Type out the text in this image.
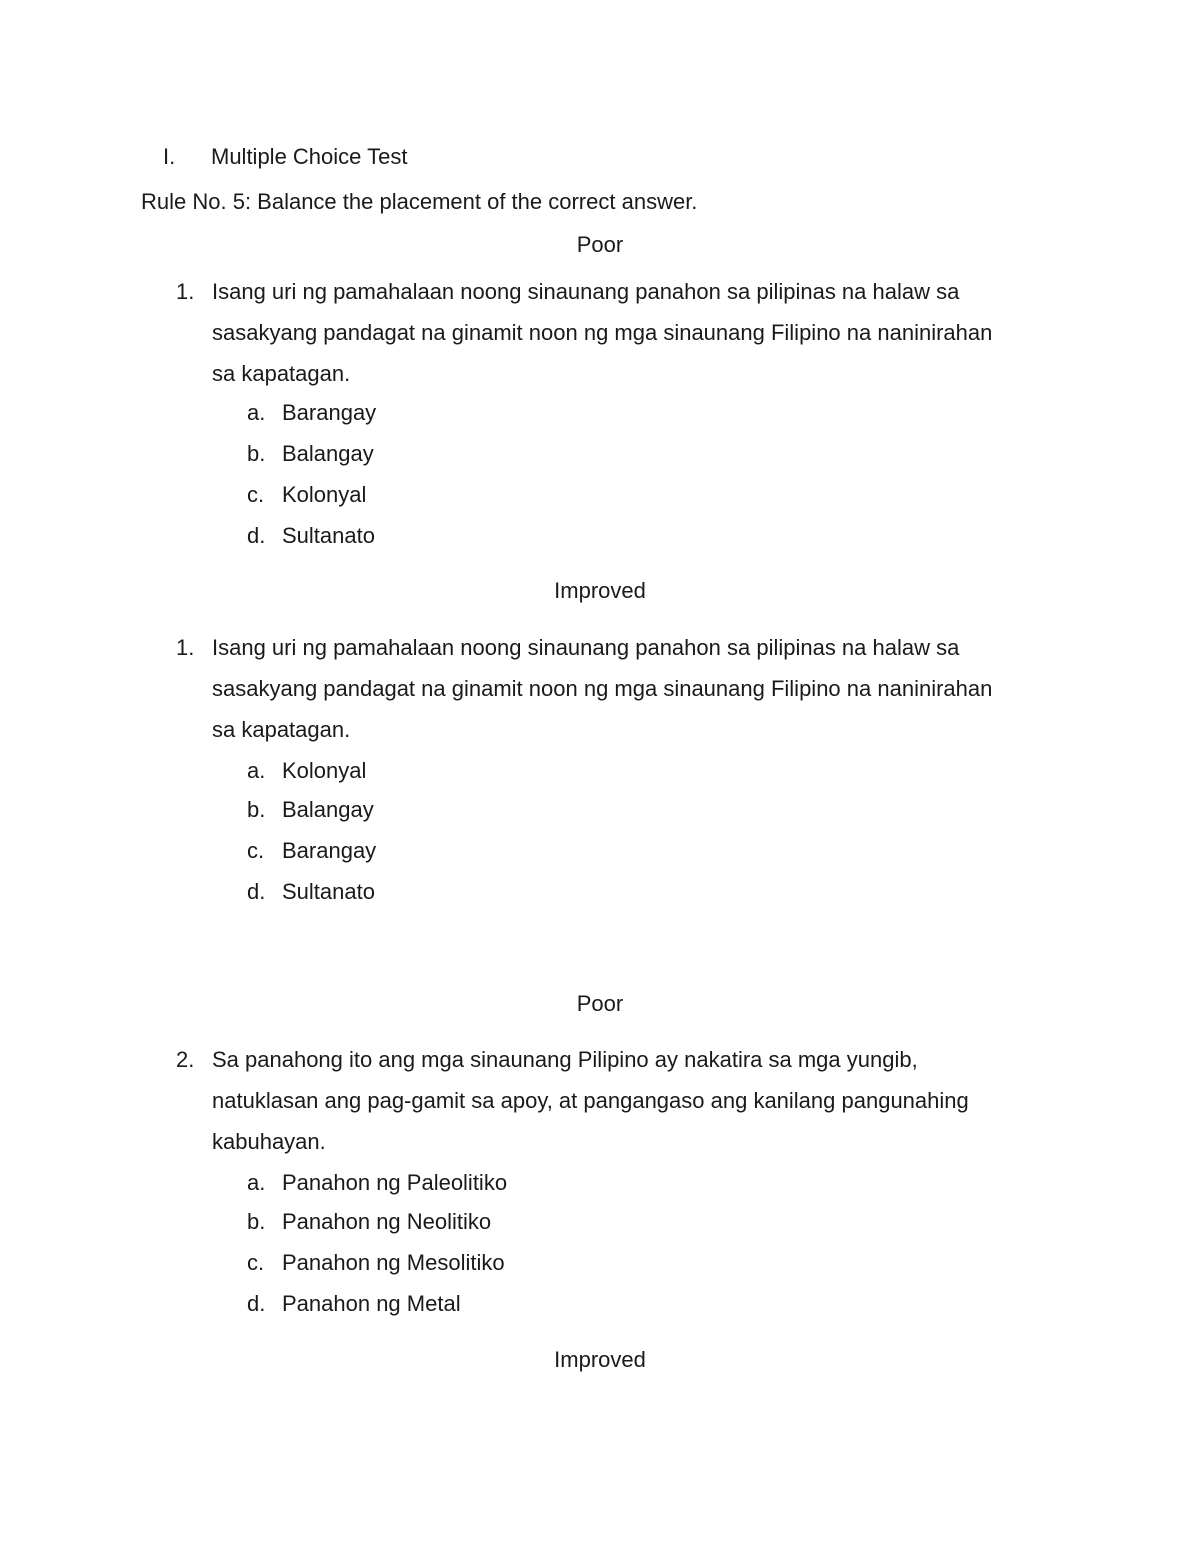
I. Multiple Choice Test
Rule No. 5: Balance the placement of the correct answer.
Poor
1. Isang uri ng pamahalaan noong sinaunang panahon sa pilipinas na halaw sa
sasakyang pandagat na ginamit noon ng mga sinaunang Filipino na naninirahan
sa kapatagan.
a. Barangay
b. Balangay
c. Kolonyal
d. Sultanato
Improved
1. Isang uri ng pamahalaan noong sinaunang panahon sa pilipinas na halaw sa
sasakyang pandagat na ginamit noon ng mga sinaunang Filipino na naninirahan
sa kapatagan.
a. Kolonyal
b. Balangay
c. Barangay
d. Sultanato
Poor
2. Sa panahong ito ang mga sinaunang Pilipino ay nakatira sa mga yungib,
natuklasan ang pag-gamit sa apoy, at pangangaso ang kanilang pangunahing
kabuhayan.
a. Panahon ng Paleolitiko
b. Panahon ng Neolitiko
c. Panahon ng Mesolitiko
d. Panahon ng Metal
Improved
